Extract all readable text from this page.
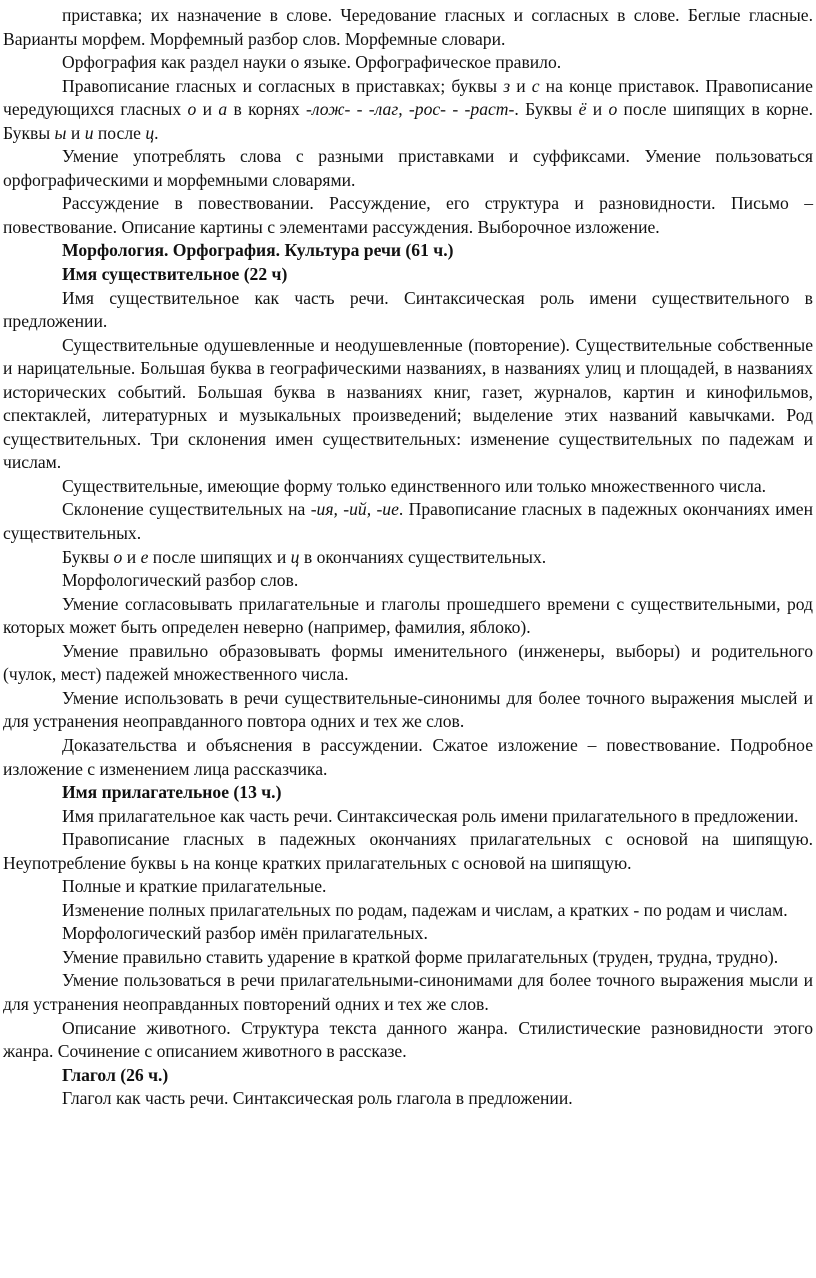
приставка; их назначение в слове. Чередование гласных и согласных в слове. Беглые гласные. Варианты морфем. Морфемный разбор слов. Морфемные словари.

Орфография как раздел науки о языке. Орфографическое правило.

Правописание гласных и согласных в приставках; буквы з и с на конце приставок. Правописание чередующихся гласных о и а в корнях -лож- - -лаг, -рос- - -раст-. Буквы ё и о после шипящих в корне. Буквы ы и и после ц.

Умение употреблять слова с разными приставками и суффиксами. Умение пользоваться орфографическими и морфемными словарями.

Рассуждение в повествовании. Рассуждение, его структура и разновидности. Письмо – повествование. Описание картины с элементами рассуждения. Выборочное изложение.

Морфология. Орфография. Культура речи (61 ч.)

Имя существительное (22 ч)

Имя существительное как часть речи. Синтаксическая роль имени существительного в предложении.

Существительные одушевленные и неодушевленные (повторение). Существительные собственные и нарицательные. Большая буква в географическими названиях, в названиях улиц и площадей, в названиях исторических событий. Большая буква в названиях книг, газет, журналов, картин и кинофильмов, спектаклей, литературных и музыкальных произведений; выделение этих названий кавычками. Род существительных. Три склонения имен существительных: изменение существительных по падежам и числам.

Существительные, имеющие форму только единственного или только множественного числа.

Склонение существительных на -ия, -ий, -ие. Правописание гласных в падежных окончаниях имен существительных.

Буквы о и е после шипящих и ц в окончаниях существительных.

Морфологический разбор слов.

Умение согласовывать прилагательные и глаголы прошедшего времени с существительными, род которых может быть определен неверно (например, фамилия, яблоко).

Умение правильно образовывать формы именительного (инженеры, выборы) и родительного (чулок, мест) падежей множественного числа.

Умение использовать в речи существительные-синонимы для более точного выражения мыслей и для устранения неоправданного повтора одних и тех же слов.

Доказательства и объяснения в рассуждении. Сжатое изложение – повествование. Подробное изложение с изменением лица рассказчика.

Имя прилагательное (13 ч.)

Имя прилагательное как часть речи. Синтаксическая роль имени прилагательного в предложении.

Правописание гласных в падежных окончаниях прилагательных с основой на шипящую. Неупотребление буквы ь на конце кратких прилагательных с основой на шипящую.

Полные и краткие прилагательные.

Изменение полных прилагательных по родам, падежам и числам, а кратких - по родам и числам.

Морфологический разбор имён прилагательных.

Умение правильно ставить ударение в краткой форме прилагательных (труден, трудна, трудно).

Умение пользоваться в речи прилагательными-синонимами для более точного выражения мысли и для устранения неоправданных повторений одних и тех же слов.

Описание животного. Структура текста данного жанра. Стилистические разновидности этого жанра. Сочинение с описанием животного в рассказе.

Глагол (26 ч.)

Глагол как часть речи. Синтаксическая роль глагола в предложении.
